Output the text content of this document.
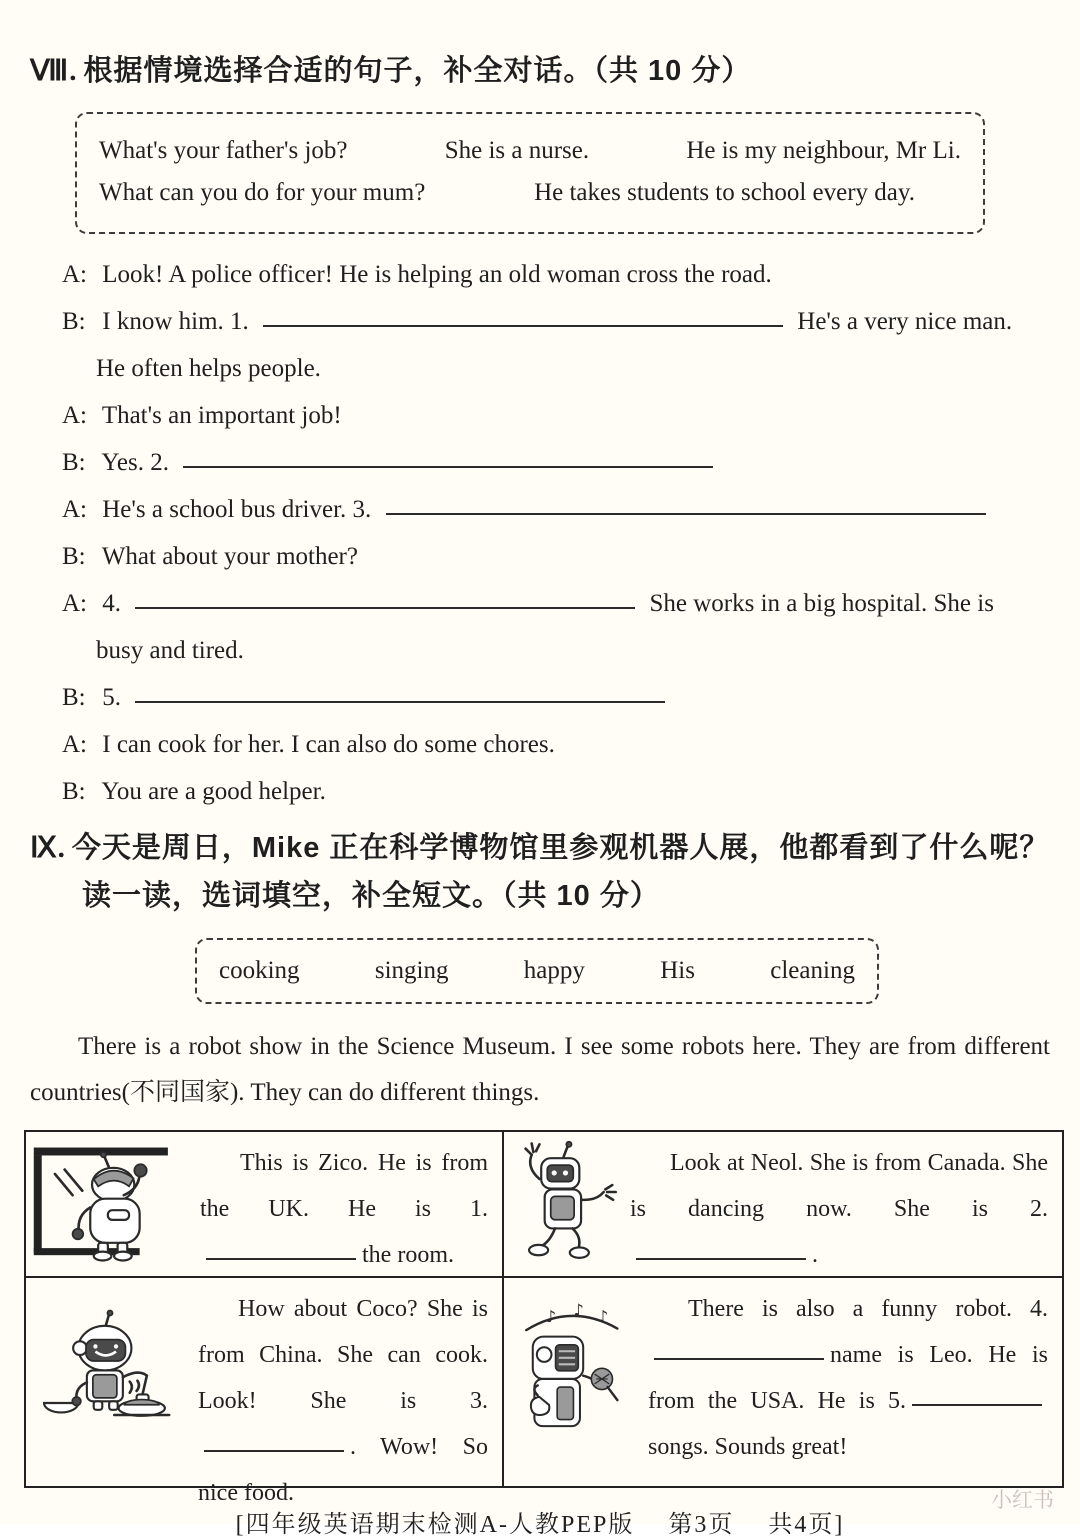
Ⅷ. 根据情境选择合适的句子，补全对话。（共 10 分）
What's your father's job?	She is a nurse.	He is my neighbour, Mr Li.
What can you do for your mum?	He takes students to school every day.
A: Look! A police officer! He is helping an old woman cross the road.
B: I know him. 1.	He's a very nice man.
He often helps people.
A: That's an important job!
B: Yes. 2.
A: He's a school bus driver. 3.
B: What about your mother?
A: 4.	She works in a big hospital. She is
busy and tired.
B: 5.
A: I can cook for her. I can also do some chores.
B: You are a good helper.
Ⅸ. 今天是周日，Mike 正在科学博物馆里参观机器人展，他都看到了什么呢？读一读，选词填空，补全短文。（共 10 分）
cooking	singing	happy	His	cleaning
There is a robot show in the Science Museum. I see some robots here. They are from different countries(不同国家). They can do different things.
This is Zico. He is from the UK. He is 1.the room.
Look at Neol. She is from Canada. She is dancing now. She is 2..
How about Coco? She is from China. She can cook. Look! She is 3.. Wow! So nice food.
♪ ♪ ♪	There is also a funny robot. 4.name is Leo. He is from the USA. He is 5.songs. Sounds great!
[四年级英语期末检测A-人教PEP版　 第3页 　共4页]
小红书
